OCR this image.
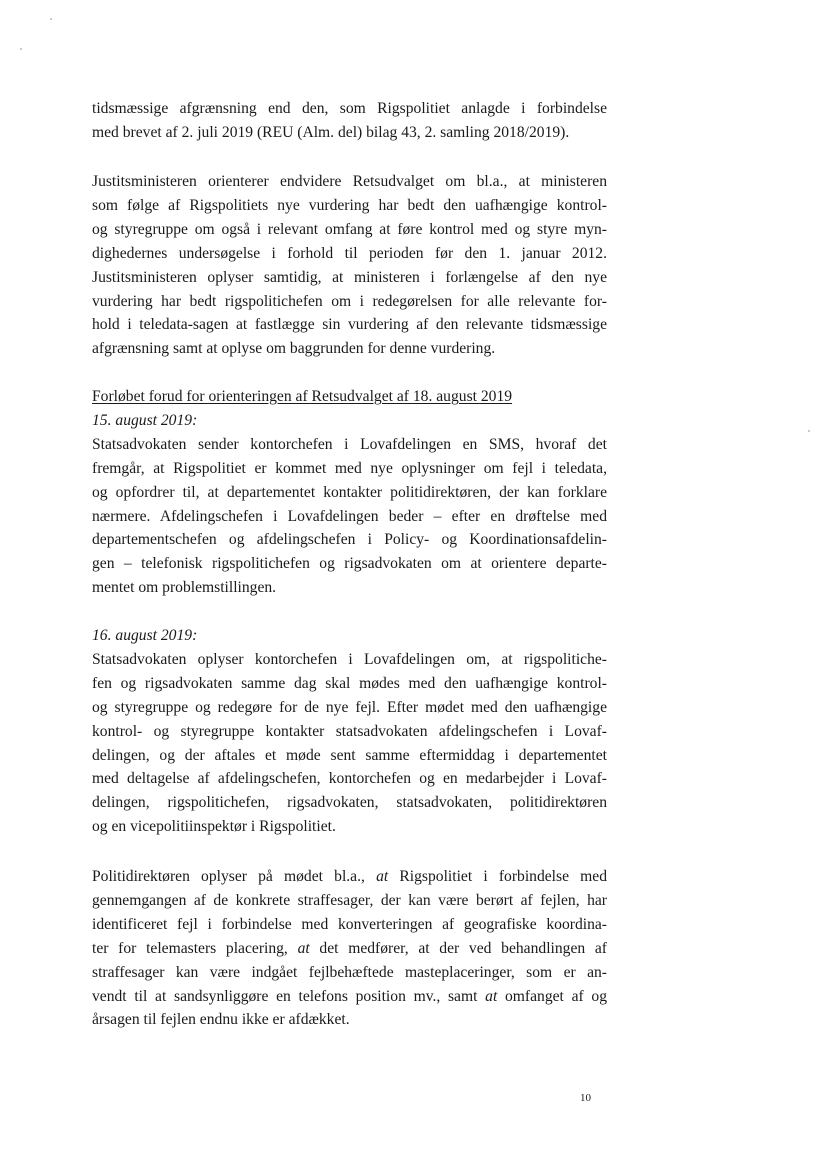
tidsmæssige afgrænsning end den, som Rigspolitiet anlagde i forbindelse
med brevet af 2. juli 2019 (REU (Alm. del) bilag 43, 2. samling 2018/2019).
Justitsministeren orienterer endvidere Retsudvalget om bl.a., at ministeren
som følge af Rigspolitiets nye vurdering har bedt den uafhængige kontrol-
og styregruppe om også i relevant omfang at føre kontrol med og styre myn-
dighedernes undersøgelse i forhold til perioden før den 1. januar 2012.
Justitsministeren oplyser samtidig, at ministeren i forlængelse af den nye
vurdering har bedt rigspolitichefen om i redegørelsen for alle relevante for-
hold i teledata-sagen at fastlægge sin vurdering af den relevante tidsmæssige
afgrænsning samt at oplyse om baggrunden for denne vurdering.
Forløbet forud for orienteringen af Retsudvalget af 18. august 2019
15. august 2019:
Statsadvokaten sender kontorchefen i Lovafdelingen en SMS, hvoraf det
fremgår, at Rigspolitiet er kommet med nye oplysninger om fejl i teledata,
og opfordrer til, at departementet kontakter politidirektøren, der kan forklare
nærmere. Afdelingschefen i Lovafdelingen beder – efter en drøftelse med
departementschefen og afdelingschefen i Policy- og Koordinationsafdelin-
gen – telefonisk rigspolitichefen og rigsadvokaten om at orientere departe-
mentet om problemstillingen.
16. august 2019:
Statsadvokaten oplyser kontorchefen i Lovafdelingen om, at rigspolitiche-
fen og rigsadvokaten samme dag skal mødes med den uafhængige kontrol-
og styregruppe og redegøre for de nye fejl. Efter mødet med den uafhængige
kontrol- og styregruppe kontakter statsadvokaten afdelingschefen i Lovaf-
delingen, og der aftales et møde sent samme eftermiddag i departementet
med deltagelse af afdelingschefen, kontorchefen og en medarbejder i Lovaf-
delingen, rigspolitichefen, rigsadvokaten, statsadvokaten, politidirektøren
og en vicepolitiinspektør i Rigspolitiet.
Politidirektøren oplyser på mødet bl.a., at Rigspolitiet i forbindelse med
gennemgangen af de konkrete straffesager, der kan være berørt af fejlen, har
identificeret fejl i forbindelse med konverteringen af geografiske koordina-
ter for telemasters placering, at det medfører, at der ved behandlingen af
straffesager kan være indgået fejlbehæftede masteplaceringer, som er an-
vendt til at sandsynliggøre en telefons position mv., samt at omfanget af og
årsagen til fejlen endnu ikke er afdækket.
10
